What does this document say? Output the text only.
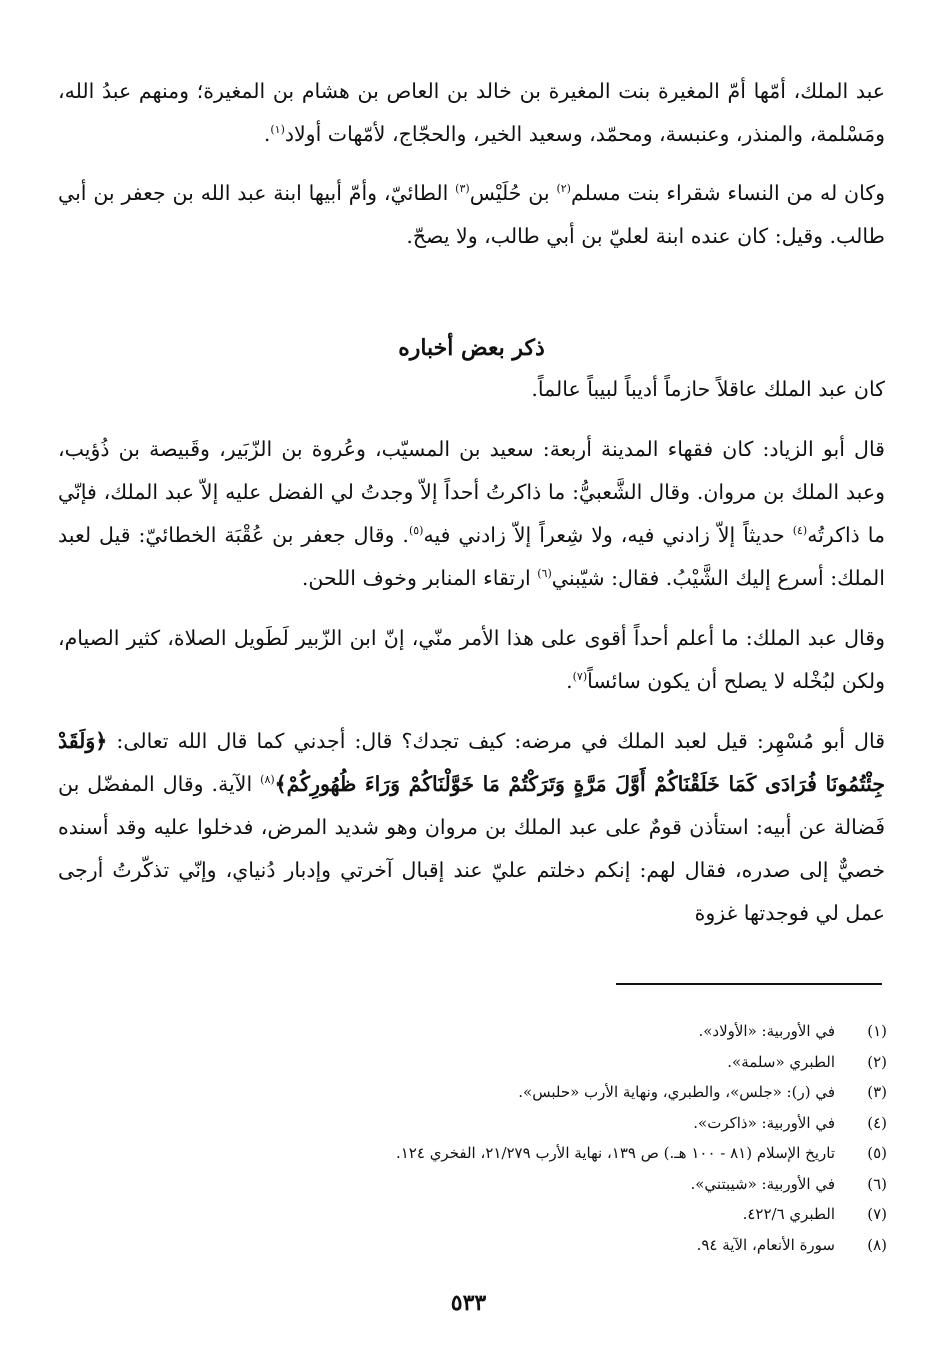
عبد الملك، أمّها أمّ المغيرة بنت المغيرة بن خالد بن العاص بن هشام بن المغيرة؛ ومنهم عبدُ الله، ومَسْلمة، والمنذر، وعنبسة، ومحمّد، وسعيد الخير، والحجّاج، لأمّهات أولاد$^{(١)}$.

وكان له من النساء شقراء بنت مسلم$^{(٢)}$ بن حُلَيْس$^{(٣)}$ الطائيّ، وأمّ أبيها ابنة عبد الله بن جعفر بن أبي طالب. وقيل: كان عنده ابنة لعليّ بن أبي طالب، ولا يصحّ.

ذكر بعض أخباره

كان عبد الملك عاقلاً حازماً أديباً لبيباً عالماً.

قال أبو الزياد: كان فقهاء المدينة أربعة: سعيد بن المسيّب، وعُروة بن الزّبَير، وقَبيصة بن ذُؤيب، وعبد الملك بن مروان. وقال الشَّعبيُّ: ما ذاكرتُ أحداً إلاّ وجدتُ لي الفضل عليه إلاّ عبد الملك، فإنّي ما ذاكرتُه$^{(٤)}$ حديثاً إلاّ زادني فيه، ولا شِعراً إلاّ زادني فيه$^{(٥)}$. وقال جعفر بن عُقْبَة الخطائيّ: قيل لعبد الملك: أسرع إليك الشَّيْبُ. فقال: شيّبني$^{(٦)}$ ارتقاء المنابر وخوف اللحن.

وقال عبد الملك: ما أعلم أحداً أقوى على هذا الأمر منّي، إنّ ابن الزّبير لَطَويل الصلاة، كثير الصيام، ولكن لبُخْله لا يصلح أن يكون سائساً$^{(٧)}$.

قال أبو مُسْهِر: قيل لعبد الملك في مرضه: كيف تجدك؟ قال: أجدني كما قال الله تعالى: ﴿وَلَقَدْ جِئْتُمُونَا فُرَادَى كَمَا خَلَقْنَاكُمْ أَوَّلَ مَرَّةٍ وَتَرَكْتُمْ مَا خَوَّلْنَاكُمْ وَرَاءَ ظُهُورِكُمْ﴾$^{(٨)}$ الآية. وقال المفضّل بن فَضالة عن أبيه: استأذن قومٌ على عبد الملك بن مروان وهو شديد المرض، فدخلوا عليه وقد أسنده خصيٌّ إلى صدره، فقال لهم: إنكم دخلتم عليّ عند إقبال آخرتي وإدبار دُنياي، وإنّي تذكّرتُ أرجى عمل لي فوجدتها غزوة

(١)
في الأوربية: «الأولاد».
(٢)
الطبري «سلمة».
(٣)
في (ر): «جلس»، والطبري، ونهاية الأرب «حلبس».
(٤)
في الأوربية: «ذاكرت».
(٥)
تاريخ الإسلام (٨١ - ١٠٠ هـ.) ص ١٣٩، نهاية الأرب ٢١/٢٧٩، الفخري ١٢٤.
(٦)
في الأوربية: «شيبتني».
(٧)
الطبري ٤٢٢/٦.
(٨)
سورة الأنعام، الآية ٩٤.
٥٣٣
